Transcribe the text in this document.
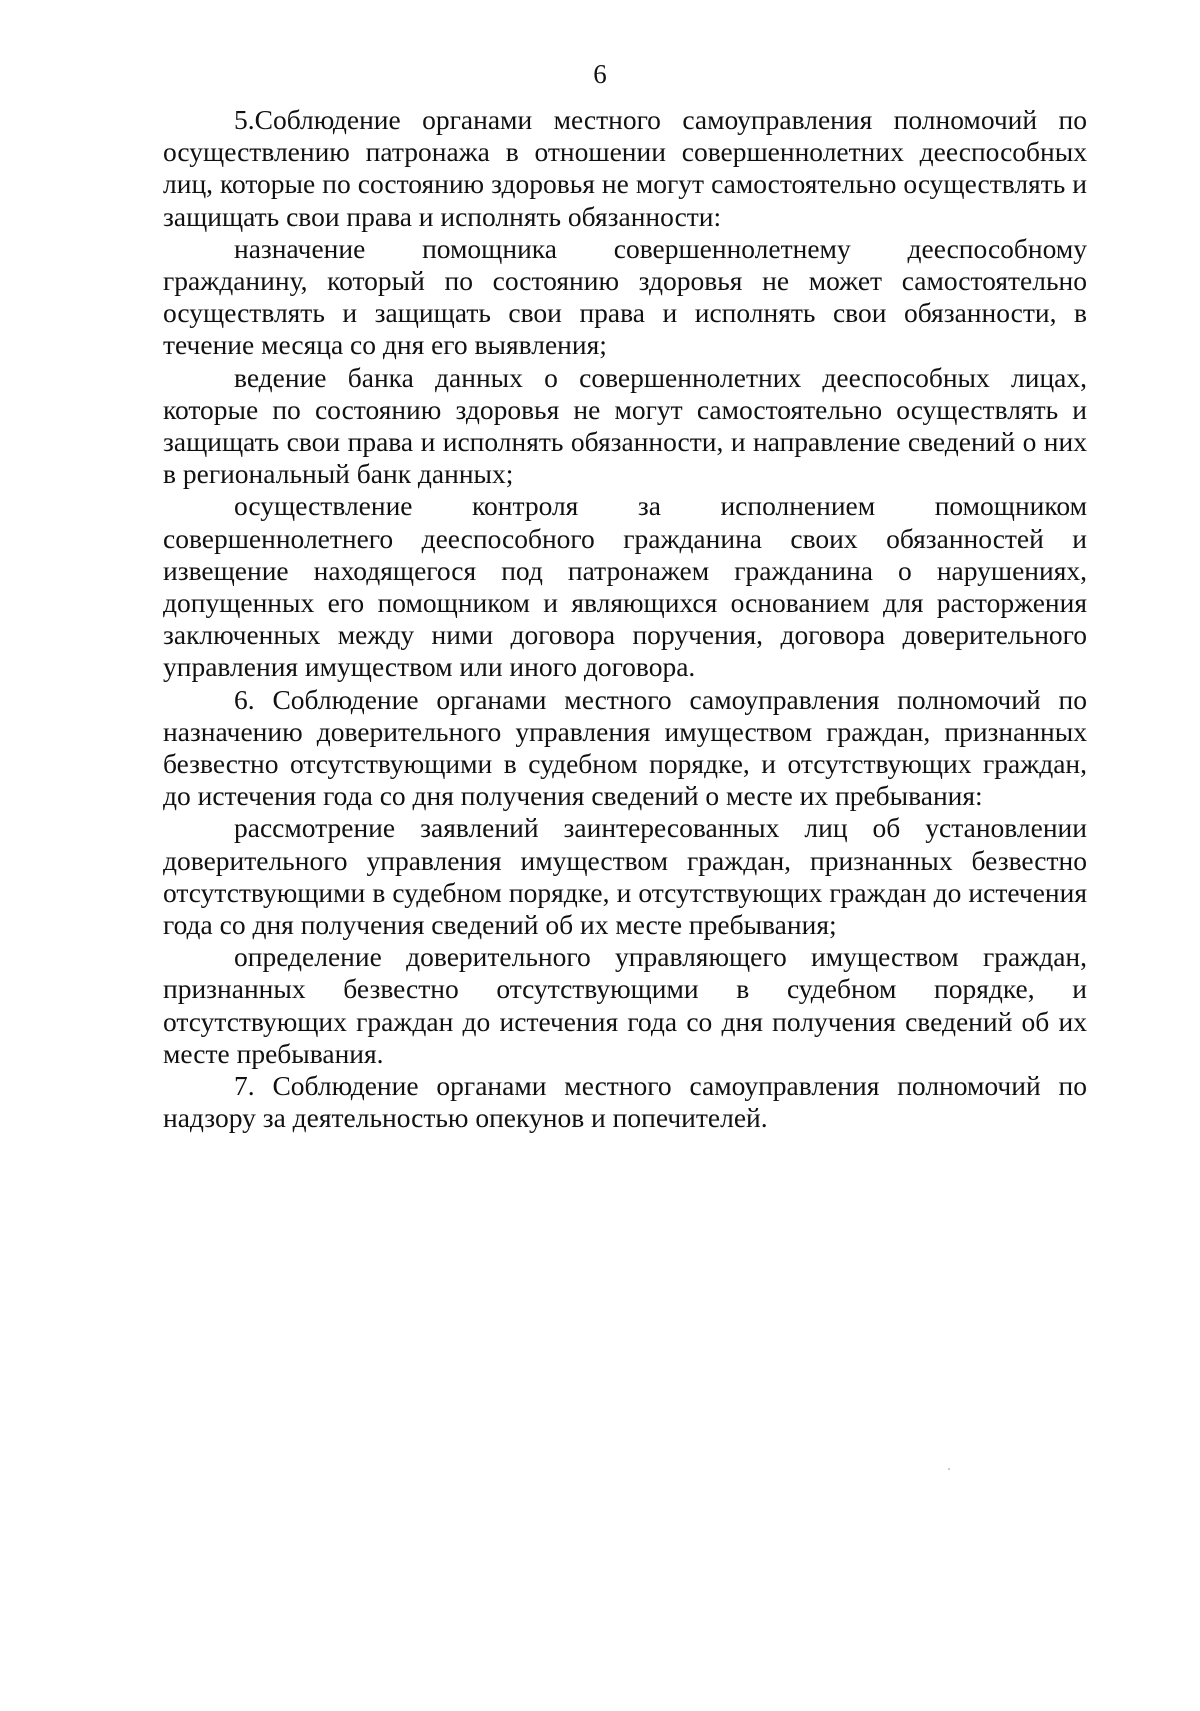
6

5.Соблюдение органами местного самоуправления полномочий по осуществлению патронажа в отношении совершеннолетних дееспособных лиц, которые по состоянию здоровья не могут самостоятельно осуществлять и защищать свои права и исполнять обязанности:

назначение помощника совершеннолетнему дееспособному гражданину, который по состоянию здоровья не может самостоятельно осуществлять и защищать свои права и исполнять свои обязанности, в течение месяца со дня его выявления;

ведение банка данных о совершеннолетних дееспособных лицах, которые по состоянию здоровья не могут самостоятельно осуществлять и защищать свои права и исполнять обязанности, и направление сведений о них в региональный банк данных;

осуществление контроля за исполнением помощником совершеннолетнего дееспособного гражданина своих обязанностей и извещение находящегося под патронажем гражданина о нарушениях, допущенных его помощником и являющихся основанием для расторжения заключенных между ними договора поручения, договора доверительного управления имуществом или иного договора.

6. Соблюдение органами местного самоуправления полномочий по назначению доверительного управления имуществом граждан, признанных безвестно отсутствующими в судебном порядке, и отсутствующих граждан, до истечения года со дня получения сведений о месте их пребывания:

рассмотрение заявлений заинтересованных лиц об установлении доверительного управления имуществом граждан, признанных безвестно отсутствующими в судебном порядке, и отсутствующих граждан до истечения года со дня получения сведений об их месте пребывания;

определение доверительного управляющего имуществом граждан, признанных безвестно отсутствующими в судебном порядке, и отсутствующих граждан до истечения года со дня получения сведений об их месте пребывания.

7. Соблюдение органами местного самоуправления полномочий по надзору за деятельностью опекунов и попечителей.
